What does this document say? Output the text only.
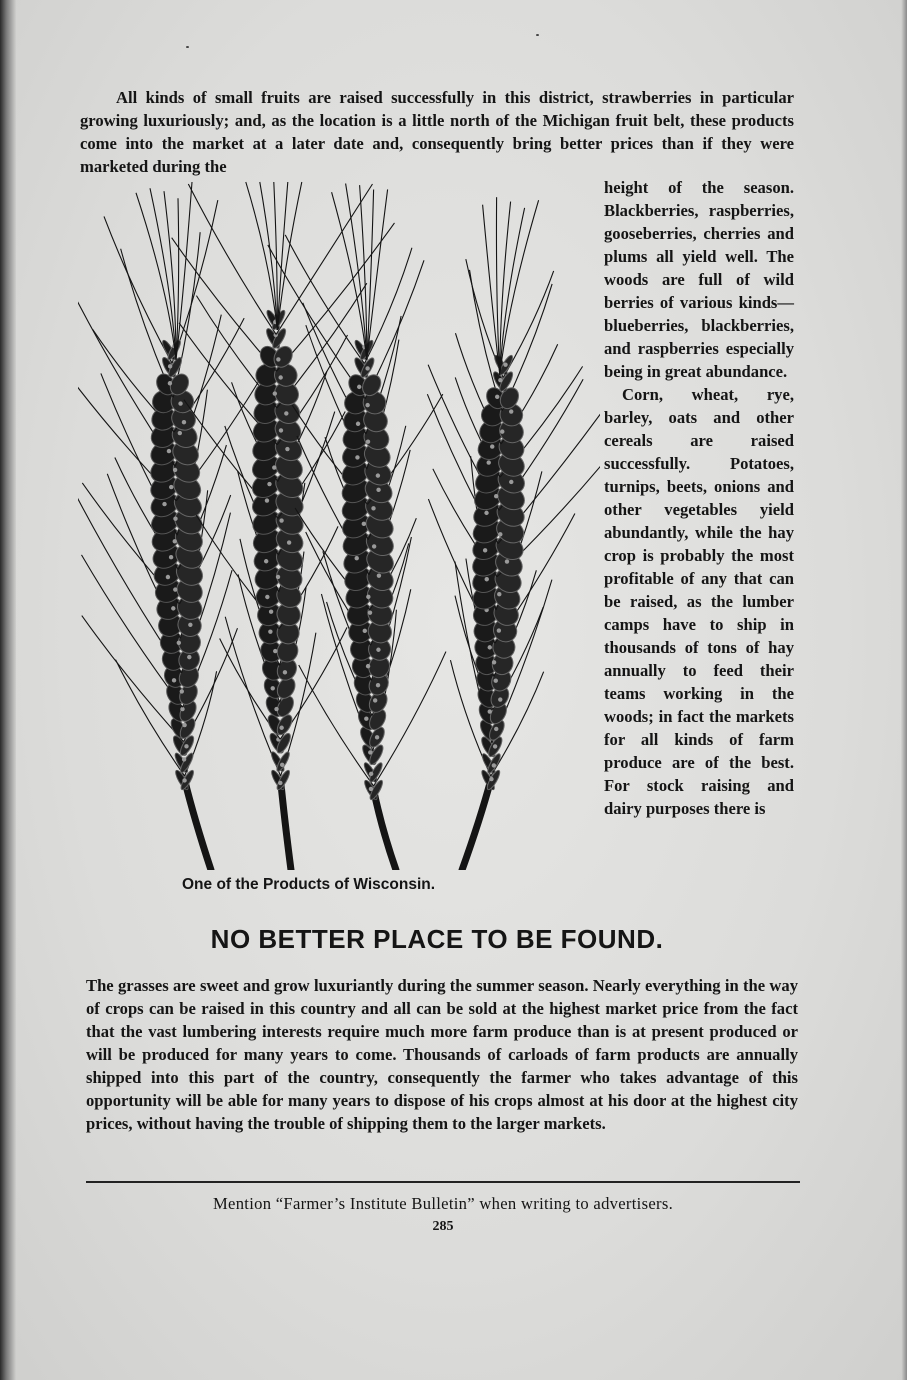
All kinds of small fruits are raised successfully in this district, strawberries in particular growing luxuriously; and, as the location is a little north of the Michigan fruit belt, these products come into the market at a later date and, consequently bring better prices than if they were marketed during the

height of the season. Blackberries, raspberries, gooseberries, cherries and plums all yield well. The woods are full of wild berries of various kinds—blueberries, blackberries, and raspberries especially being in great abundance.

Corn, wheat, rye, barley, oats and other cereals are raised successfully. Potatoes, turnips, beets, onions and other vegetables yield abundantly, while the hay crop is probably the most profitable of any that can be raised, as the lumber camps have to ship in thousands of tons of hay annually to feed their teams working in the woods; in fact the markets for all kinds of farm produce are of the best. For stock raising and dairy purposes there is

One of the Products of Wisconsin.

NO BETTER PLACE TO BE FOUND.

The grasses are sweet and grow luxuriantly during the summer season. Nearly everything in the way of crops can be raised in this country and all can be sold at the highest market price from the fact that the vast lumbering interests require much more farm produce than is at present produced or will be produced for many years to come. Thousands of carloads of farm products are annually shipped into this part of the country, consequently the farmer who takes advantage of this opportunity will be able for many years to dispose of his crops almost at his door at the highest city prices, without having the trouble of shipping them to the larger markets.

Mention “Farmer’s Institute Bulletin” when writing to advertisers.

285
